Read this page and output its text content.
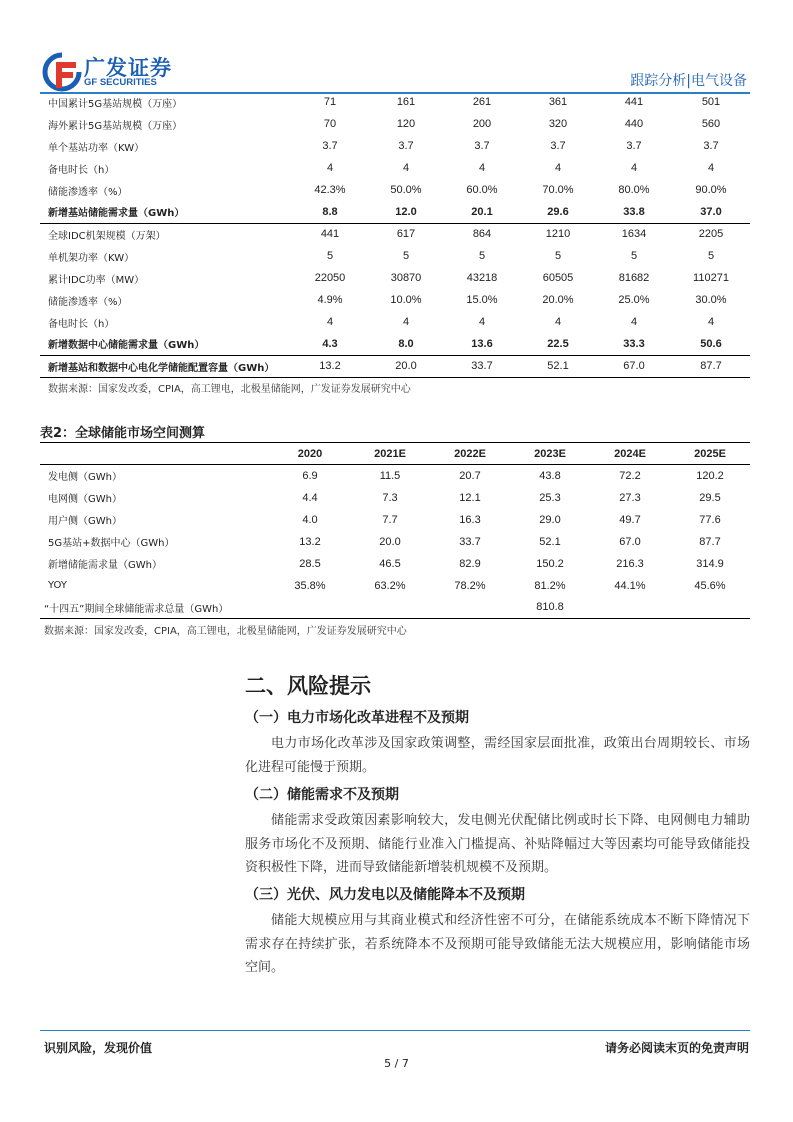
广发证券
GF SECURITIES	跟踪分析|电气设备
中国累计5G基站规模（万座）	71	161	261	361	441	501
海外累计5G基站规模（万座）	70	120	200	320	440	560
单个基站功率（KW）	3.7	3.7	3.7	3.7	3.7	3.7
备电时长（h）	4	4	4	4	4	4
储能渗透率（%）	42.3%	50.0%	60.0%	70.0%	80.0%	90.0%
新增基站储能需求量（GWh）	8.8	12.0	20.1	29.6	33.8	37.0
全球IDC机架规模（万架）	441	617	864	1210	1634	2205
单机架功率（KW）	5	5	5	5	5	5
累计IDC功率（MW）	22050	30870	43218	60505	81682	110271
储能渗透率（%）	4.9%	10.0%	15.0%	20.0%	25.0%	30.0%
备电时长（h）	4	4	4	4	4	4
新增数据中心储能需求量（GWh）	4.3	8.0	13.6	22.5	33.3	50.6
新增基站和数据中心电化学储能配置容量（GWh）	13.2	20.0	33.7	52.1	67.0	87.7
数据来源：国家发改委，CPIA，高工锂电，北极星储能网，广发证券发展研究中心
表2：全球储能市场空间测算
	2020	2021E	2022E	2023E	2024E	2025E
发电侧（GWh）	6.9	11.5	20.7	43.8	72.2	120.2
电网侧（GWh）	4.4	7.3	12.1	25.3	27.3	29.5
用户侧（GWh）	4.0	7.7	16.3	29.0	49.7	77.6
5G基站+数据中心（GWh）	13.2	20.0	33.7	52.1	67.0	87.7
新增储能需求量（GWh）	28.5	46.5	82.9	150.2	216.3	314.9
YOY	35.8%	63.2%	78.2%	81.2%	44.1%	45.6%
“十四五”期间全球储能需求总量（GWh）				810.8		
数据来源：国家发改委，CPIA，高工锂电，北极星储能网，广发证券发展研究中心
二、风险提示
（一）电力市场化改革进程不及预期
电力市场化改革涉及国家政策调整，需经国家层面批准，政策出台周期较长、市场化进程可能慢于预期。
（二）储能需求不及预期
储能需求受政策因素影响较大，发电侧光伏配储比例或时长下降、电网侧电力辅助服务市场化不及预期、储能行业准入门槛提高、补贴降幅过大等因素均可能导致储能投资积极性下降，进而导致储能新增装机规模不及预期。
（三）光伏、风力发电以及储能降本不及预期
储能大规模应用与其商业模式和经济性密不可分，在储能系统成本不断下降情况下需求存在持续扩张，若系统降本不及预期可能导致储能无法大规模应用，影响储能市场空间。
识别风险，发现价值	请务必阅读末页的免责声明
5 / 7
